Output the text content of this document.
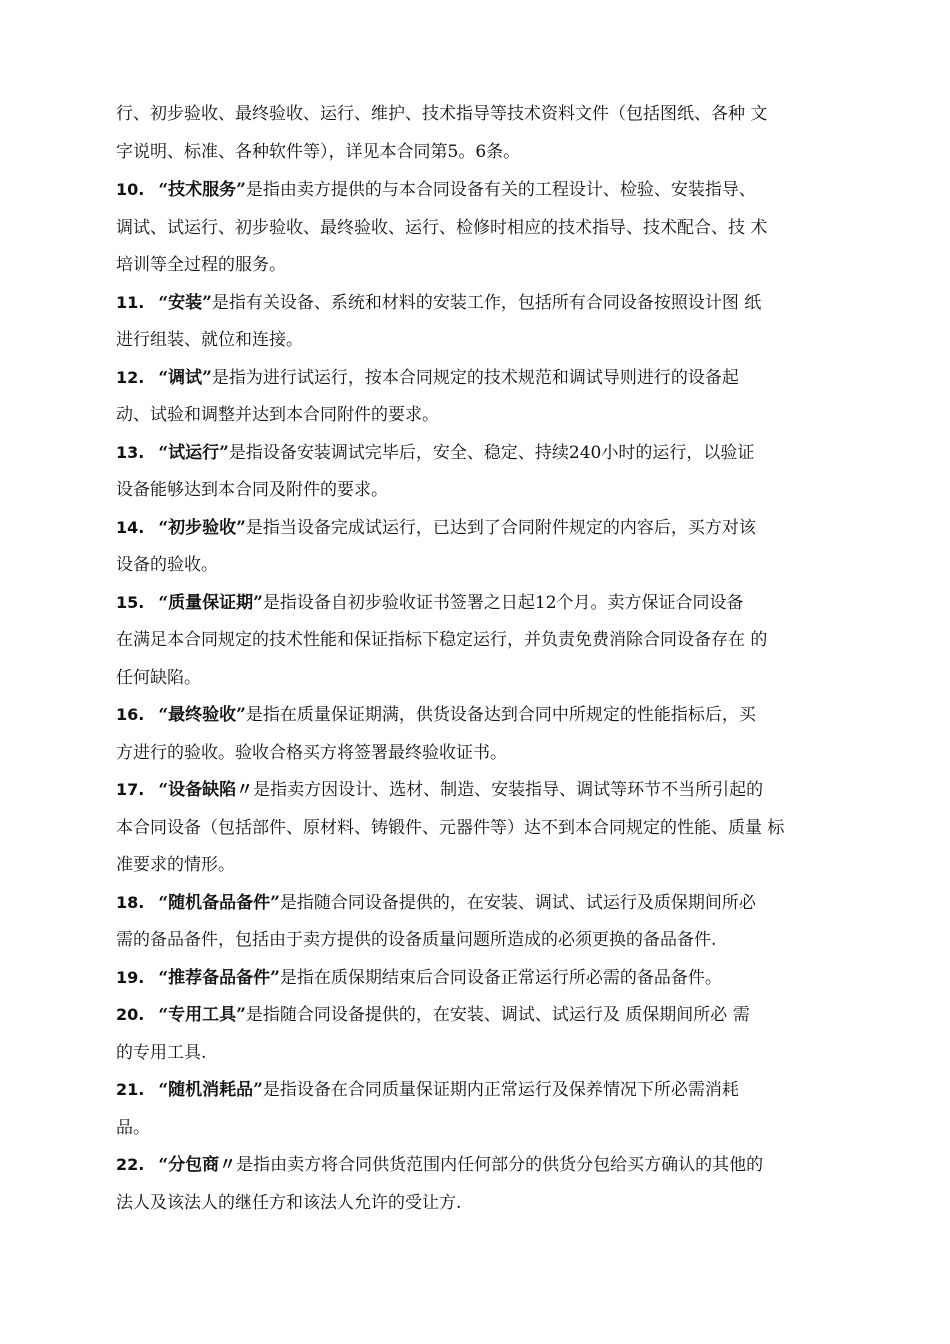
行、初步验收、最终验收、运行、维护、技术指导等技术资料文件（包括图纸、各种 文
字说明、标准、各种软件等），详见本合同第5。6条。
10. “技术服务”是指由卖方提供的与本合同设备有关的工程设计、检验、安装指导、
调试、试运行、初步验收、最终验收、运行、检修时相应的技术指导、技术配合、技 术
培训等全过程的服务。
11. “安装”是指有关设备、系统和材料的安装工作，包括所有合同设备按照设计图 纸
进行组装、就位和连接。
12. “调试”是指为进行试运行，按本合同规定的技术规范和调试导则进行的设备起
动、试验和调整并达到本合同附件的要求。
13. “试运行”是指设备安装调试完毕后，安全、稳定、持续240小时的运行，以验证
设备能够达到本合同及附件的要求。
14. “初步验收”是指当设备完成试运行，已达到了合同附件规定的内容后，买方对该
设备的验收。
15. “质量保证期”是指设备自初步验收证书签署之日起12个月。卖方保证合同设备
在满足本合同规定的技术性能和保证指标下稳定运行，并负责免费消除合同设备存在 的
任何缺陷。
16. “最终验收”是指在质量保证期满，供货设备达到合同中所规定的性能指标后，买
方进行的验收。验收合格买方将签署最终验收证书。
17. “设备缺陷〃是指卖方因设计、选材、制造、安装指导、调试等环节不当所引起的
本合同设备（包括部件、原材料、铸锻件、元器件等）达不到本合同规定的性能、质量 标
准要求的情形。
18. “随机备品备件”是指随合同设备提供的，在安装、调试、试运行及质保期间所必
需的备品备件，包括由于卖方提供的设备质量问题所造成的必须更换的备品备件.
19. “推荐备品备件”是指在质保期结束后合同设备正常运行所必需的备品备件。
20. “专用工具”是指随合同设备提供的，在安装、调试、试运行及 质保期间所必 需
的专用工具.
21. “随机消耗品”是指设备在合同质量保证期内正常运行及保养情况下所必需消耗
品。
22. “分包商〃是指由卖方将合同供货范围内任何部分的供货分包给买方确认的其他的
法人及该法人的继任方和该法人允许的受让方.
